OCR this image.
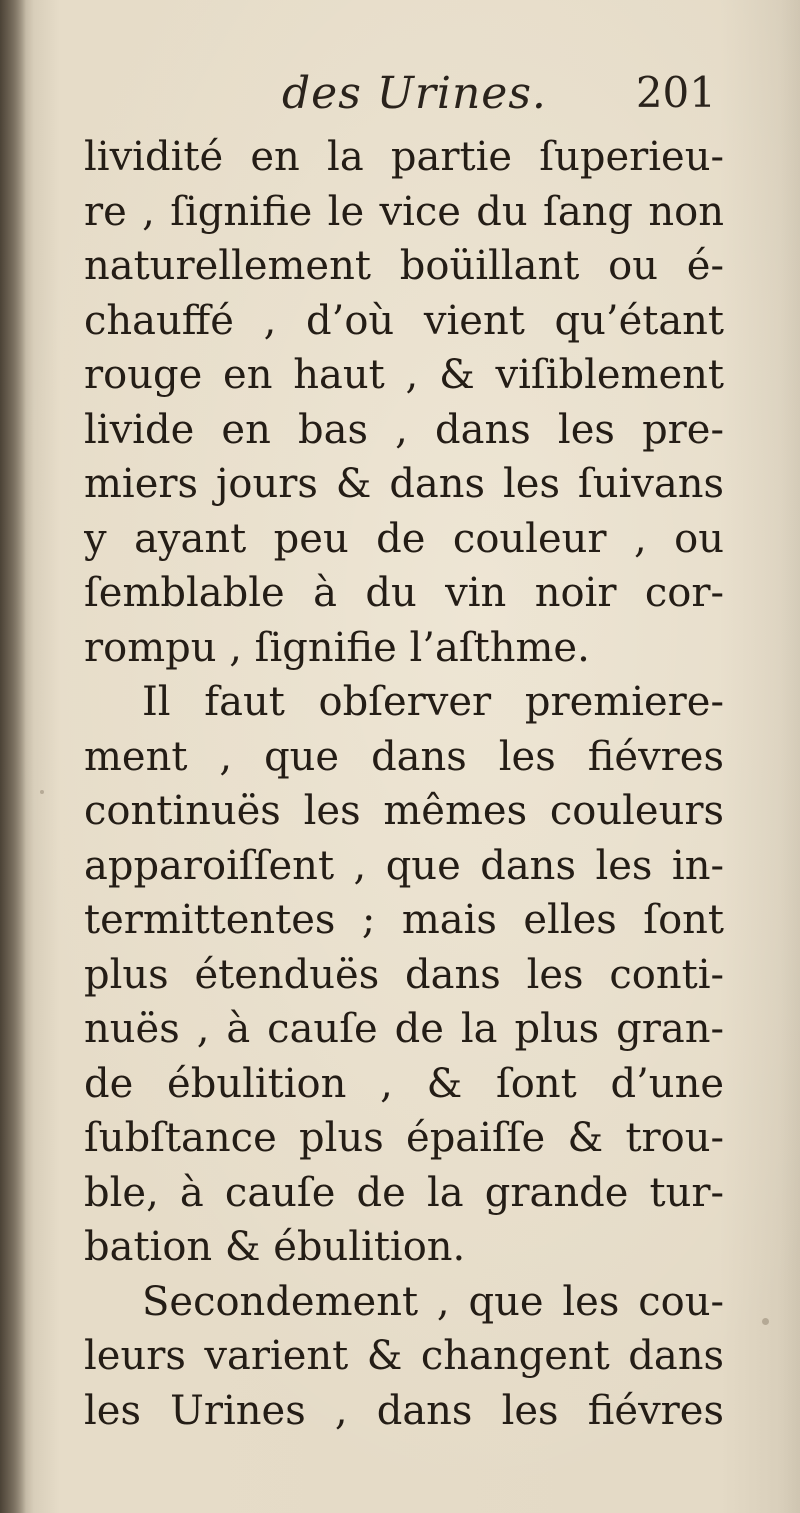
des Urines. 201
lividité en la partie ſuperieu-
re , ſignifie le vice du ſang non
naturellement boüillant ou é-
chauffé , d’où vient qu’étant
rouge en haut , & viſiblement
livide en bas , dans les pre-
miers jours & dans les ſuivans
y ayant peu de couleur , ou
ſemblable à du vin noir cor-
rompu , ſignifie l’aſthme.
Il faut obſerver premiere-
ment , que dans les fiévres
continuës les mêmes couleurs
apparoiſſent , que dans les in-
termittentes ; mais elles ſont
plus étenduës dans les conti-
nuës , à cauſe de la plus gran-
de ébulition , & ſont d’une
ſubſtance plus épaiſſe & trou-
ble, à cauſe de la grande tur-
bation & ébulition.
Secondement , que les cou-
leurs varient & changent dans
les Urines , dans les fiévres
